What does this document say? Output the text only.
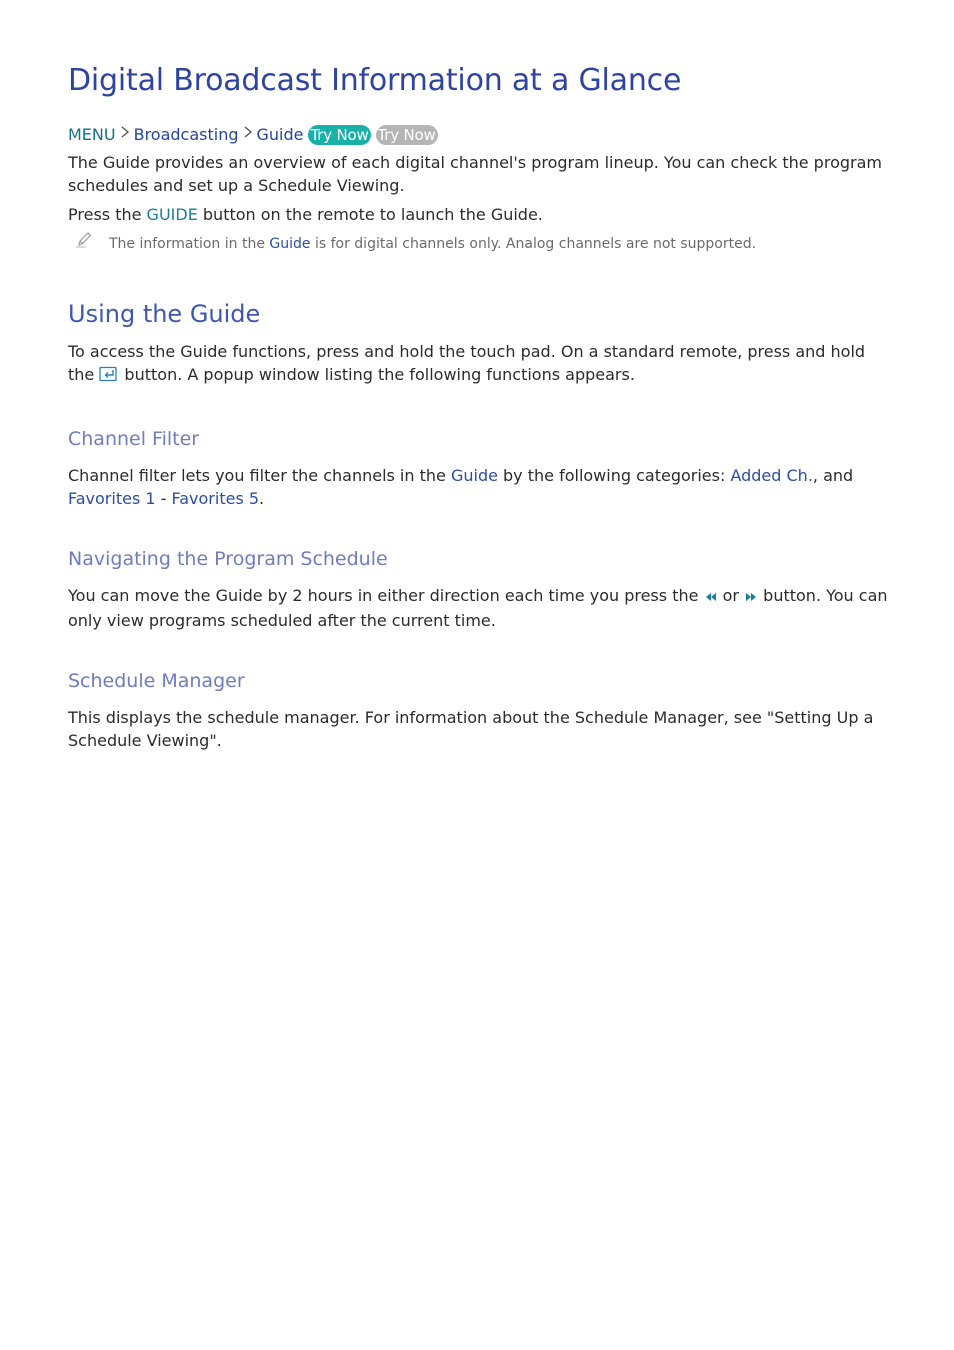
Digital Broadcast Information at a Glance
MENU Broadcasting Guide Try Now Try Now

The Guide provides an overview of each digital channel's program lineup. You can check the program schedules and set up a Schedule Viewing.

Press the GUIDE button on the remote to launch the Guide.

The information in the Guide is for digital channels only. Analog channels are not supported.
Using the Guide

To access the Guide functions, press and hold the touch pad. On a standard remote, press and hold the  button. A popup window listing the following functions appears.

Channel Filter

Channel filter lets you filter the channels in the Guide by the following categories: Added Ch., and Favorites 1 - Favorites 5.

Navigating the Program Schedule

You can move the Guide by 2 hours in either direction each time you press the  or  button. You can only view programs scheduled after the current time.

Schedule Manager

This displays the schedule manager. For information about the Schedule Manager, see "Setting Up a Schedule Viewing".
